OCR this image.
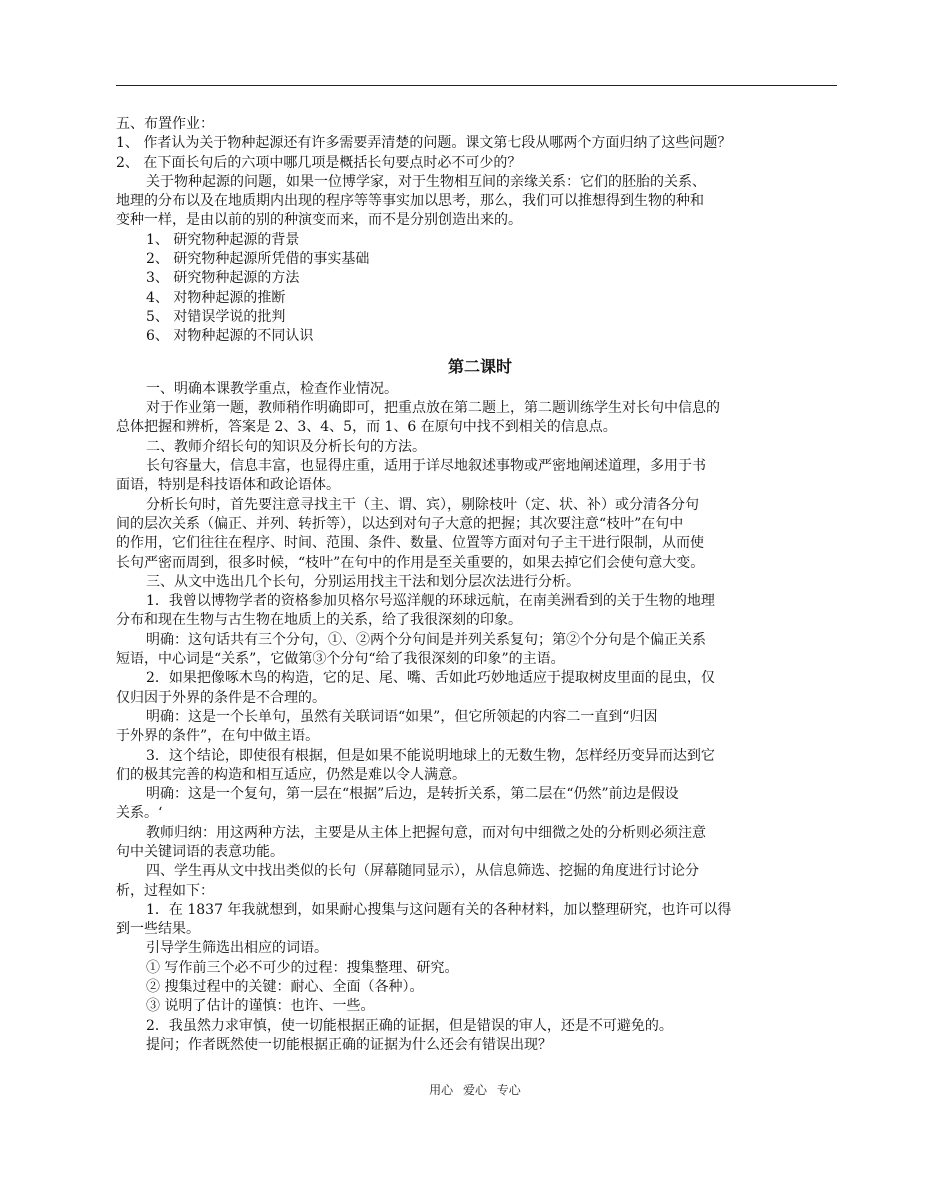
五、布置作业：

1、 作者认为关于物种起源还有许多需要弄清楚的问题。课文第七段从哪两个方面归纳了这些问题？

2、 在下面长句后的六项中哪几项是概括长句要点时必不可少的？

关于物种起源的问题，如果一位博学家，对于生物相互间的亲缘关系：它们的胚胎的关系、

地理的分布以及在地质期内出现的程序等等事实加以思考，那么，我们可以推想得到生物的种和

变种一样，是由以前的别的种演变而来，而不是分别创造出来的。

1、 研究物种起源的背景

2、 研究物种起源所凭借的事实基础

3、 研究物种起源的方法

4、 对物种起源的推断

5、 对错误学说的批判

6、 对物种起源的不同认识

第二课时

一、明确本课教学重点，检查作业情况。

对于作业第一题，教师稍作明确即可，把重点放在第二题上，第二题训练学生对长句中信息的

总体把握和辨析，答案是 2、3、4、5，而 1、6 在原句中找不到相关的信息点。

二、教师介绍长句的知识及分析长句的方法。

长句容量大，信息丰富，也显得庄重，适用于详尽地叙述事物或严密地阐述道理，多用于书

面语，特别是科技语体和政论语体。

分析长句时，首先要注意寻找主干（主、谓、宾），剔除枝叶（定、状、补）或分清各分句

间的层次关系（偏正、并列、转折等），以达到对句子大意的把握；其次要注意“枝叶”在句中

的作用，它们往往在程序、时间、范围、条件、数量、位置等方面对句子主干进行限制，从而使

长句严密而周到，很多时候，“枝叶”在句中的作用是至关重要的，如果去掉它们会使句意大变。

三、从文中选出几个长句，分别运用找主干法和划分层次法进行分析。

1．我曾以博物学者的资格参加贝格尔号巡洋舰的环球远航，在南美洲看到的关于生物的地理

分布和现在生物与古生物在地质上的关系，给了我很深刻的印象。

明确：这句话共有三个分句，①、②两个分句间是并列关系复句；第②个分句是个偏正关系

短语，中心词是“关系”，它做第③个分句“给了我很深刻的印象”的主语。

2．如果把像啄木鸟的构造，它的足、尾、嘴、舌如此巧妙地适应于提取树皮里面的昆虫，仅

仅归因于外界的条件是不合理的。

明确：这是一个长单句，虽然有关联词语“如果”，但它所领起的内容二一直到“归因

于外界的条件”，在句中做主语。

3．这个结论，即使很有根据，但是如果不能说明地球上的无数生物，怎样经历变异而达到它

们的极其完善的构造和相互适应，仍然是难以令人满意。

明确：这是一个复句，第一层在“根据”后边，是转折关系，第二层在“仍然”前边是假设

关系。‘

教师归纳：用这两种方法，主要是从主体上把握句意，而对句中细微之处的分析则必须注意

句中关键词语的表意功能。

四、学生再从文中找出类似的长句（屏幕随同显示），从信息筛选、挖掘的角度进行讨论分

析，过程如下：

1．在 1837 年我就想到，如果耐心搜集与这问题有关的各种材料，加以整理研究，也许可以得

到一些结果。

引导学生筛选出相应的词语。

① 写作前三个必不可少的过程：搜集整理、研究。

② 搜集过程中的关键：耐心、全面（各种）。

③ 说明了估计的谨慎：也许、一些。

2．我虽然力求审慎，使一切能根据正确的证据，但是错误的审人，还是不可避免的。

提问；作者既然使一切能根据正确的证据为什么还会有错误出现？

用心 爱心 专心
